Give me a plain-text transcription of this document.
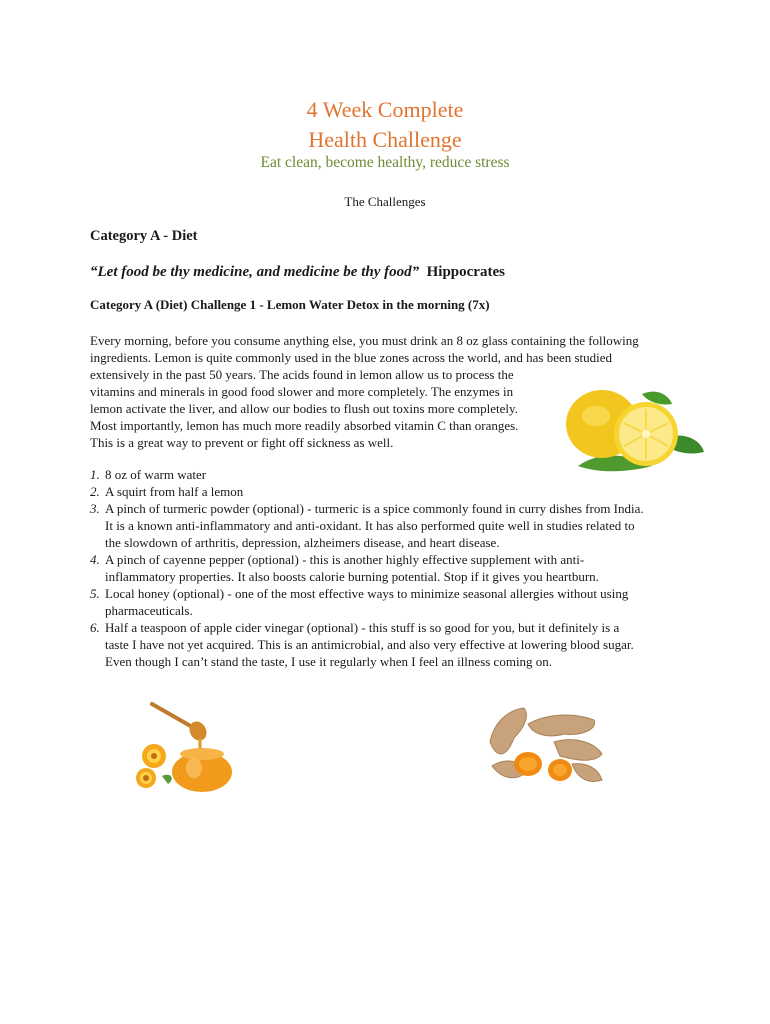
4 Week Complete
Health Challenge
Eat clean, become healthy, reduce stress
The Challenges
Category A - Diet
“Let food be thy medicine, and medicine be thy food” Hippocrates
Category A (Diet) Challenge 1 - Lemon Water Detox in the morning (7x)
Every morning, before you consume anything else, you must drink an 8 oz glass containing the following
ingredients. Lemon is quite commonly used in the blue zones across the world, and has been studied
extensively in the past 50 years. The acids found in lemon allow us to process the
vitamins and minerals in good food slower and more completely. The enzymes in
lemon activate the liver, and allow our bodies to flush out toxins more completely.
Most importantly, lemon has much more readily absorbed vitamin C than oranges.
This is a great way to prevent or fight off sickness as well.
1. 8 oz of warm water
2. A squirt from half a lemon
3. A pinch of turmeric powder (optional) - turmeric is a spice commonly found in curry dishes from India.
It is a known anti-inflammatory and anti-oxidant. It has also performed quite well in studies related to
the slowdown of arthritis, depression, alzheimers disease, and heart disease.
4. A pinch of cayenne pepper (optional) - this is another highly effective supplement with anti-
inflammatory properties. It also boosts calorie burning potential. Stop if it gives you heartburn.
5. Local honey (optional) - one of the most effective ways to minimize seasonal allergies without using
pharmaceuticals.
6. Half a teaspoon of apple cider vinegar (optional) - this stuff is so good for you, but it definitely is a
taste I have not yet acquired. This is an antimicrobial, and also very effective at lowering blood sugar.
Even though I can’t stand the taste, I use it regularly when I feel an illness coming on.
